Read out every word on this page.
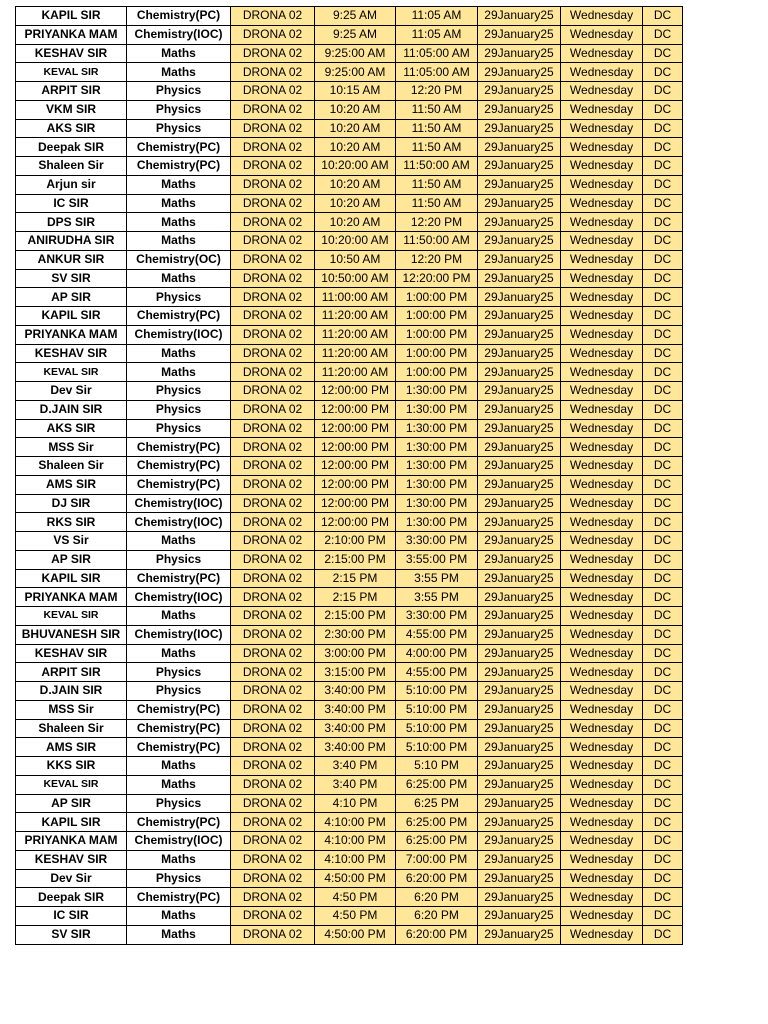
KAPIL SIR	Chemistry(PC)	DRONA 02	9:25 AM	11:05 AM	29January25	Wednesday	DC
PRIYANKA MAM	Chemistry(IOC)	DRONA 02	9:25 AM	11:05 AM	29January25	Wednesday	DC
KESHAV SIR	Maths	DRONA 02	9:25:00 AM	11:05:00 AM	29January25	Wednesday	DC
KEVAL SIR	Maths	DRONA 02	9:25:00 AM	11:05:00 AM	29January25	Wednesday	DC
ARPIT SIR	Physics	DRONA 02	10:15 AM	12:20 PM	29January25	Wednesday	DC
VKM SIR	Physics	DRONA 02	10:20 AM	11:50 AM	29January25	Wednesday	DC
AKS SIR	Physics	DRONA 02	10:20 AM	11:50 AM	29January25	Wednesday	DC
Deepak SIR	Chemistry(PC)	DRONA 02	10:20 AM	11:50 AM	29January25	Wednesday	DC
Shaleen Sir	Chemistry(PC)	DRONA 02	10:20:00 AM	11:50:00 AM	29January25	Wednesday	DC
Arjun sir	Maths	DRONA 02	10:20 AM	11:50 AM	29January25	Wednesday	DC
IC SIR	Maths	DRONA 02	10:20 AM	11:50 AM	29January25	Wednesday	DC
DPS SIR	Maths	DRONA 02	10:20 AM	12:20 PM	29January25	Wednesday	DC
ANIRUDHA SIR	Maths	DRONA 02	10:20:00 AM	11:50:00 AM	29January25	Wednesday	DC
ANKUR SIR	Chemistry(OC)	DRONA 02	10:50 AM	12:20 PM	29January25	Wednesday	DC
SV SIR	Maths	DRONA 02	10:50:00 AM	12:20:00 PM	29January25	Wednesday	DC
AP SIR	Physics	DRONA 02	11:00:00 AM	1:00:00 PM	29January25	Wednesday	DC
KAPIL SIR	Chemistry(PC)	DRONA 02	11:20:00 AM	1:00:00 PM	29January25	Wednesday	DC
PRIYANKA MAM	Chemistry(IOC)	DRONA 02	11:20:00 AM	1:00:00 PM	29January25	Wednesday	DC
KESHAV SIR	Maths	DRONA 02	11:20:00 AM	1:00:00 PM	29January25	Wednesday	DC
KEVAL SIR	Maths	DRONA 02	11:20:00 AM	1:00:00 PM	29January25	Wednesday	DC
Dev Sir	Physics	DRONA 02	12:00:00 PM	1:30:00 PM	29January25	Wednesday	DC
D.JAIN SIR	Physics	DRONA 02	12:00:00 PM	1:30:00 PM	29January25	Wednesday	DC
AKS SIR	Physics	DRONA 02	12:00:00 PM	1:30:00 PM	29January25	Wednesday	DC
MSS Sir	Chemistry(PC)	DRONA 02	12:00:00 PM	1:30:00 PM	29January25	Wednesday	DC
Shaleen Sir	Chemistry(PC)	DRONA 02	12:00:00 PM	1:30:00 PM	29January25	Wednesday	DC
AMS SIR	Chemistry(PC)	DRONA 02	12:00:00 PM	1:30:00 PM	29January25	Wednesday	DC
DJ SIR	Chemistry(IOC)	DRONA 02	12:00:00 PM	1:30:00 PM	29January25	Wednesday	DC
RKS SIR	Chemistry(IOC)	DRONA 02	12:00:00 PM	1:30:00 PM	29January25	Wednesday	DC
VS Sir	Maths	DRONA 02	2:10:00 PM	3:30:00 PM	29January25	Wednesday	DC
AP SIR	Physics	DRONA 02	2:15:00 PM	3:55:00 PM	29January25	Wednesday	DC
KAPIL SIR	Chemistry(PC)	DRONA 02	2:15 PM	3:55 PM	29January25	Wednesday	DC
PRIYANKA MAM	Chemistry(IOC)	DRONA 02	2:15 PM	3:55 PM	29January25	Wednesday	DC
KEVAL SIR	Maths	DRONA 02	2:15:00 PM	3:30:00 PM	29January25	Wednesday	DC
BHUVANESH SIR	Chemistry(IOC)	DRONA 02	2:30:00 PM	4:55:00 PM	29January25	Wednesday	DC
KESHAV SIR	Maths	DRONA 02	3:00:00 PM	4:00:00 PM	29January25	Wednesday	DC
ARPIT SIR	Physics	DRONA 02	3:15:00 PM	4:55:00 PM	29January25	Wednesday	DC
D.JAIN SIR	Physics	DRONA 02	3:40:00 PM	5:10:00 PM	29January25	Wednesday	DC
MSS Sir	Chemistry(PC)	DRONA 02	3:40:00 PM	5:10:00 PM	29January25	Wednesday	DC
Shaleen Sir	Chemistry(PC)	DRONA 02	3:40:00 PM	5:10:00 PM	29January25	Wednesday	DC
AMS SIR	Chemistry(PC)	DRONA 02	3:40:00 PM	5:10:00 PM	29January25	Wednesday	DC
KKS SIR	Maths	DRONA 02	3:40 PM	5:10 PM	29January25	Wednesday	DC
KEVAL SIR	Maths	DRONA 02	3:40 PM	6:25:00 PM	29January25	Wednesday	DC
AP SIR	Physics	DRONA 02	4:10 PM	6:25 PM	29January25	Wednesday	DC
KAPIL SIR	Chemistry(PC)	DRONA 02	4:10:00 PM	6:25:00 PM	29January25	Wednesday	DC
PRIYANKA MAM	Chemistry(IOC)	DRONA 02	4:10:00 PM	6:25:00 PM	29January25	Wednesday	DC
KESHAV SIR	Maths	DRONA 02	4:10:00 PM	7:00:00 PM	29January25	Wednesday	DC
Dev Sir	Physics	DRONA 02	4:50:00 PM	6:20:00 PM	29January25	Wednesday	DC
Deepak SIR	Chemistry(PC)	DRONA 02	4:50 PM	6:20 PM	29January25	Wednesday	DC
IC SIR	Maths	DRONA 02	4:50 PM	6:20 PM	29January25	Wednesday	DC
SV SIR	Maths	DRONA 02	4:50:00 PM	6:20:00 PM	29January25	Wednesday	DC
